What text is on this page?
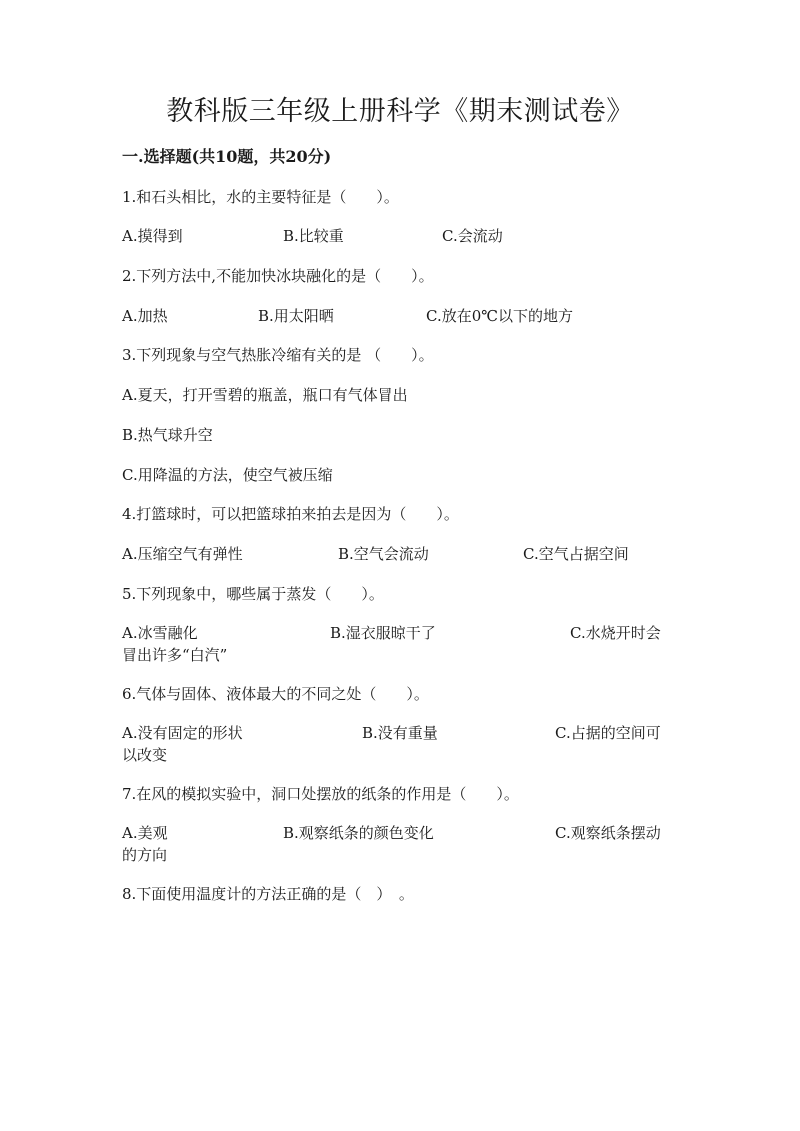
教科版三年级上册科学《期末测试卷》
一.选择题(共10题，共20分)
1.和石头相比，水的主要特征是（　　）。
A.摸得到	B.比较重	C.会流动
2.下列方法中,不能加快冰块融化的是（　　）。
A.加热	B.用太阳晒	C.放在0℃以下的地方
3.下列现象与空气热胀冷缩有关的是 （　　）。
A.夏天，打开雪碧的瓶盖，瓶口有气体冒出
B.热气球升空
C.用降温的方法，使空气被压缩
4.打篮球时，可以把篮球拍来拍去是因为（　　）。
A.压缩空气有弹性	B.空气会流动	C.空气占据空间
5.下列现象中，哪些属于蒸发（　　）。
A.冰雪融化	B.湿衣服晾干了	C.水烧开时会
冒出许多“白汽”
6.气体与固体、液体最大的不同之处（　　）。
A.没有固定的形状	B.没有重量	C.占据的空间可
以改变
7.在风的模拟实验中，洞口处摆放的纸条的作用是（　　）。
A.美观	B.观察纸条的颜色变化	C.观察纸条摆动
的方向
8.下面使用温度计的方法正确的是（　）　。
